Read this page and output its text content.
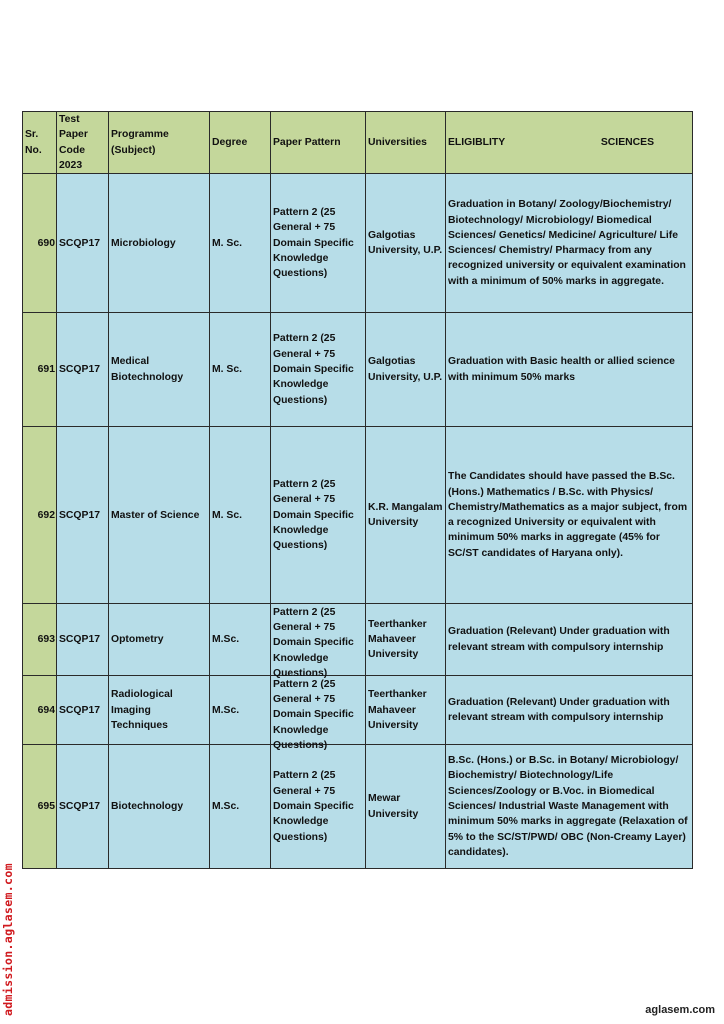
Sr. No.	Test Paper Code 2023	Programme (Subject)	Degree	Paper Pattern	Universities	ELIGIBLITY SCIENCES

690	SCQP17	Microbiology	M. Sc.	Pattern 2 (25 General + 75 Domain Specific Knowledge Questions)	Galgotias University, U.P.	Graduation in Botany/ Zoology/Biochemistry/ Biotechnology/ Microbiology/ Biomedical Sciences/ Genetics/ Medicine/ Agriculture/ Life Sciences/ Chemistry/ Pharmacy from any recognized university or equivalent examination with a minimum of 50% marks in aggregate.
691	SCQP17	Medical Biotechnology	M. Sc.	Pattern 2 (25 General + 75 Domain Specific Knowledge Questions)	Galgotias University, U.P.	Graduation with Basic health or allied science with minimum 50% marks
692	SCQP17	Master of Science	M. Sc.	Pattern 2 (25 General + 75 Domain Specific Knowledge Questions)	K.R. Mangalam University	The Candidates should have passed the B.Sc. (Hons.) Mathematics / B.Sc. with Physics/ Chemistry/Mathematics as a major subject, from a recognized University or equivalent with minimum 50% marks in aggregate (45% for SC/ST candidates of Haryana only).
693	SCQP17	Optometry	M.Sc.	Pattern 2 (25 General + 75 Domain Specific Knowledge Questions)	Teerthanker Mahaveer University	Graduation (Relevant) Under graduation with relevant stream with compulsory internship
694	SCQP17	Radiological Imaging Techniques	M.Sc.	Pattern 2 (25 General + 75 Domain Specific Knowledge Questions)	Teerthanker Mahaveer University	Graduation (Relevant) Under graduation with relevant stream with compulsory internship
695	SCQP17	Biotechnology	M.Sc.	Pattern 2 (25 General + 75 Domain Specific Knowledge Questions)	Mewar University	B.Sc. (Hons.) or B.Sc. in Botany/ Microbiology/ Biochemistry/ Biotechnology/Life Sciences/Zoology or B.Voc. in Biomedical Sciences/ Industrial Waste Management with minimum 50% marks in aggregate (Relaxation of 5% to the SC/ST/PWD/ OBC (Non-Creamy Layer) candidates).
admission.aglasem.com	aglasem.com
